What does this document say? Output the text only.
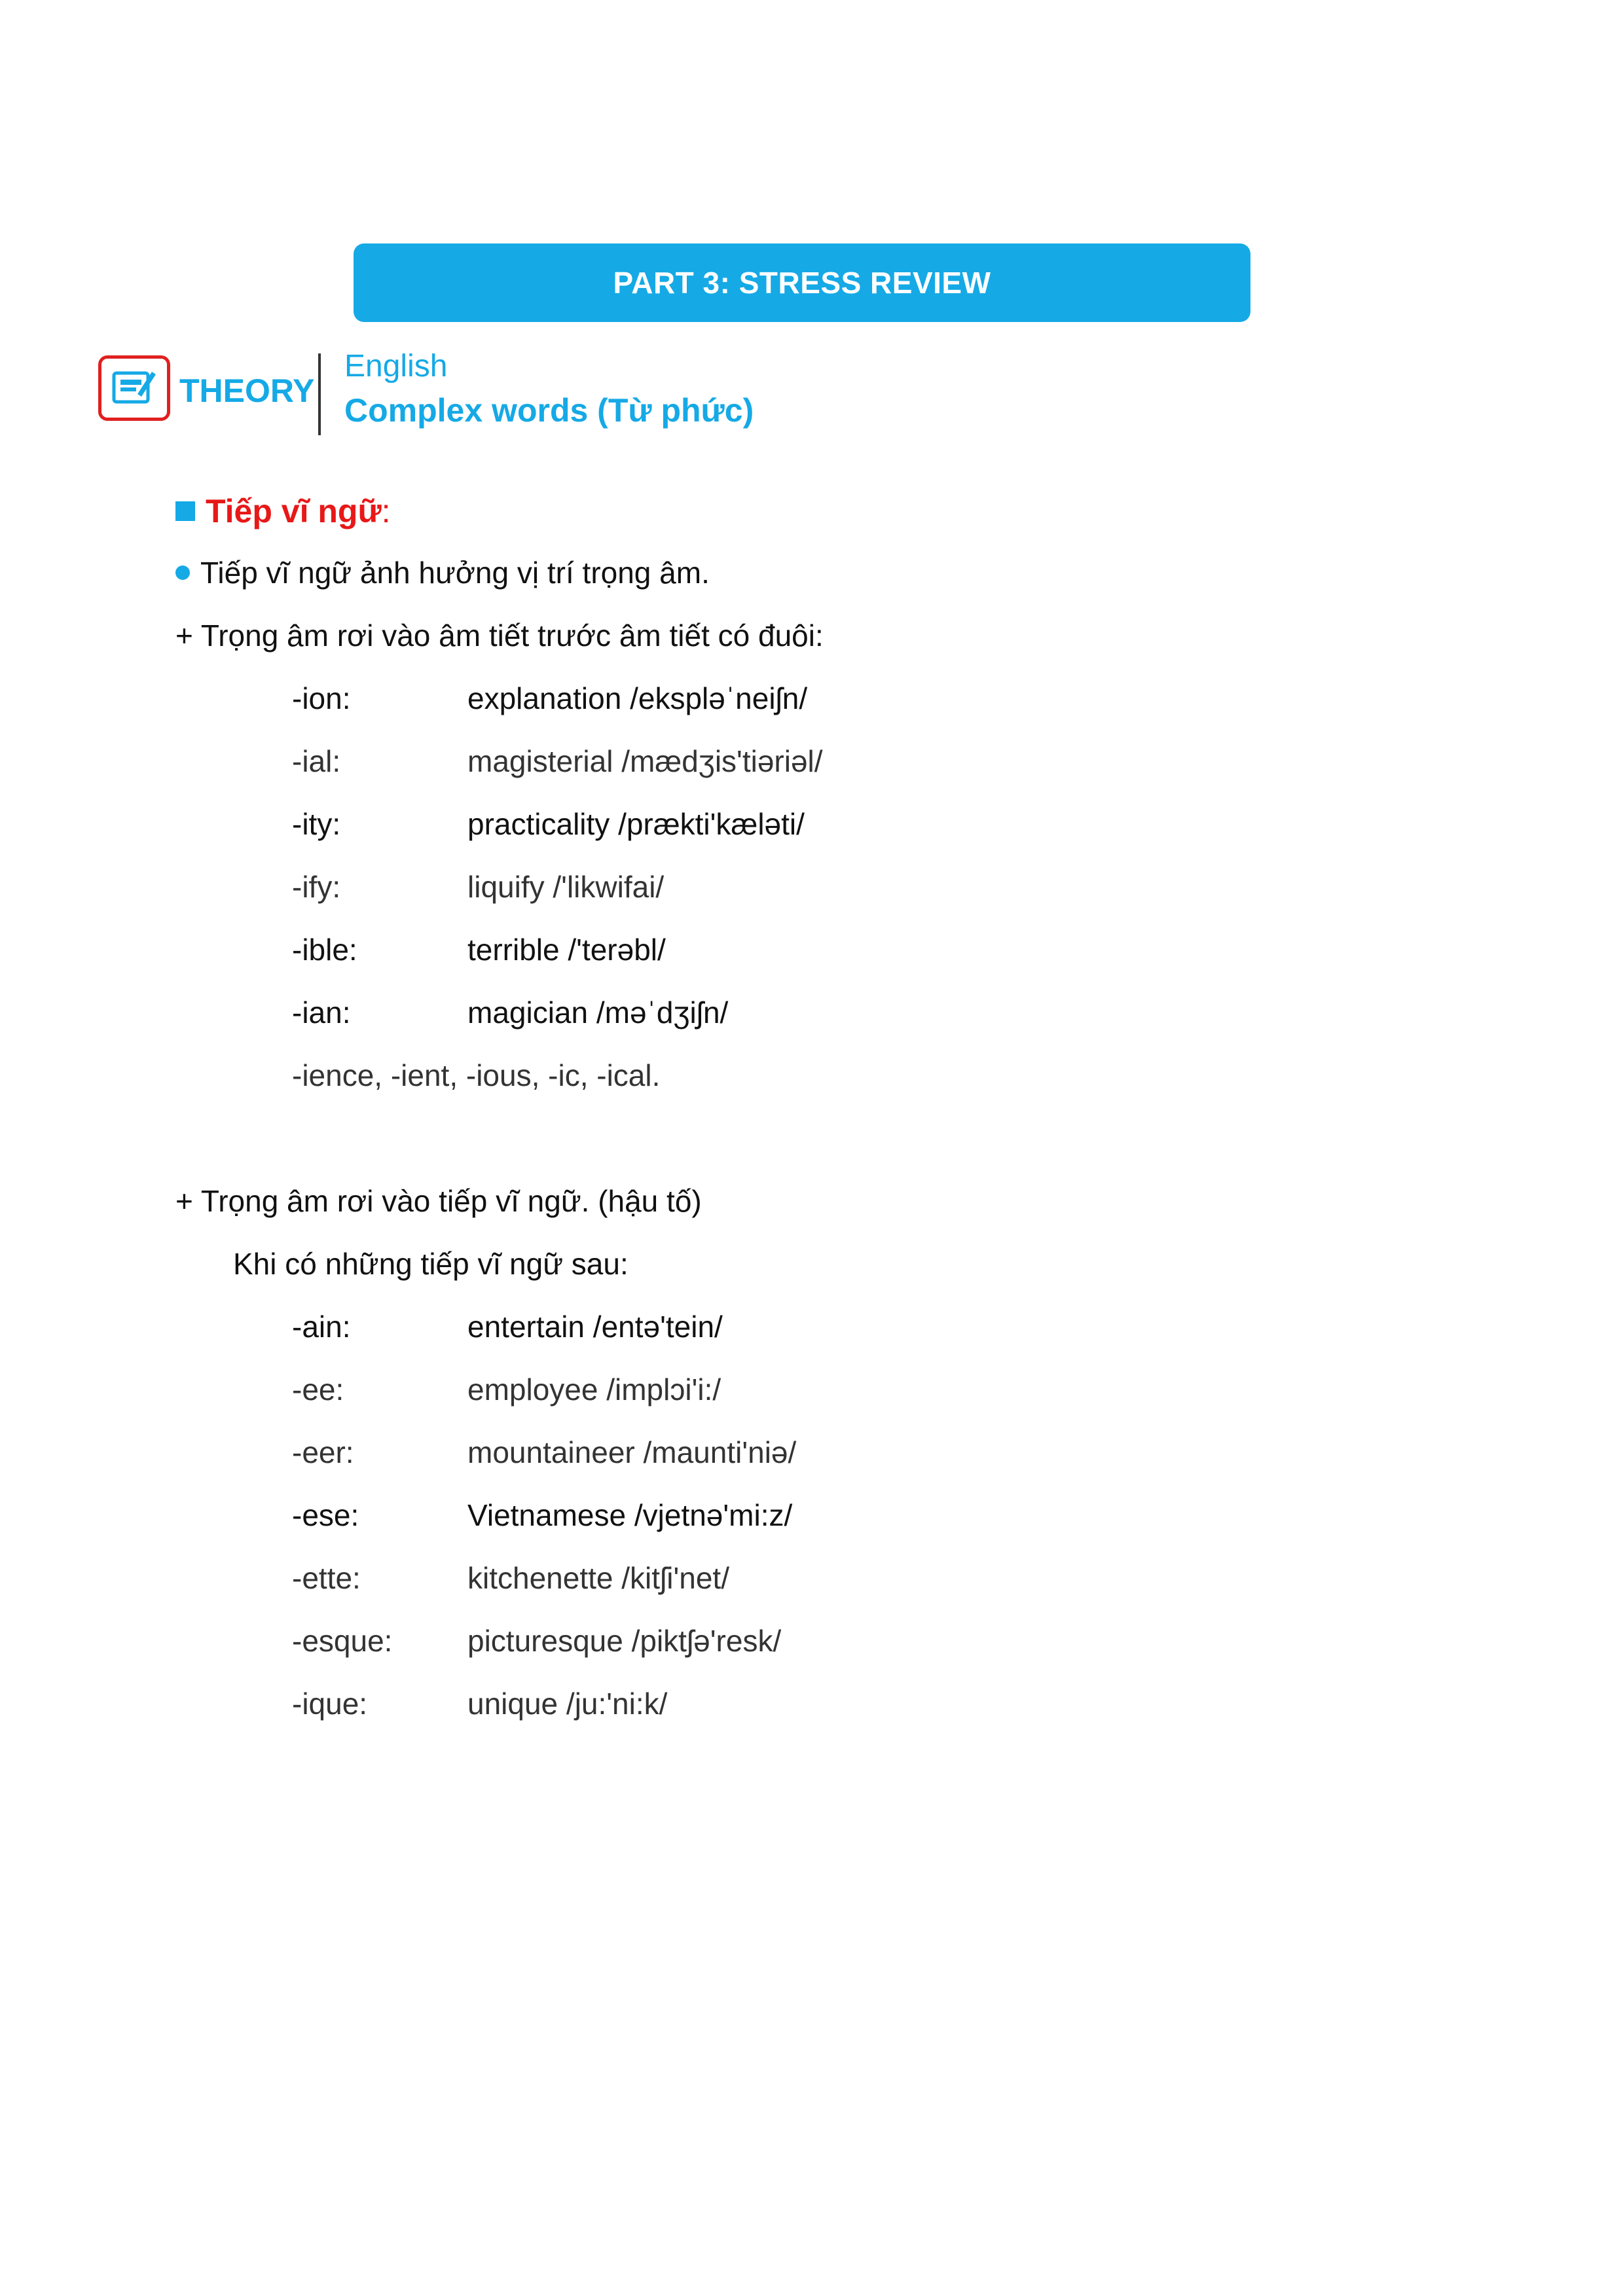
PART 3: STRESS REVIEW
THEORY
English
Complex words (Từ phức)
Tiếp vĩ ngữ :
Tiếp vĩ ngữ ảnh hưởng vị trí trọng âm.
+ Trọng âm rơi vào âm tiết trước âm tiết có đuôi:
-ion:	explanation /ekspləˈneiʃn/
-ial:	magisterial /mædʒis'tiəriəl/
-ity:	practicality /prækti'kæləti/
-ify:	liquify /'likwifai/
-ible:	terrible /'terəbl/
-ian:	magician /məˈdʒiʃn/
-ience, -ient, -ious, -ic, -ical.
+ Trọng âm rơi vào tiếp vĩ ngữ. (hậu tố)
Khi có những tiếp vĩ ngữ sau:
-ain:	entertain /entə'tein/
-ee:	employee /implɔi'i:/
-eer:	mountaineer /maunti'niə/
-ese:	Vietnamese /vjetnə'mi:z/
-ette:	kitchenette /kitʃi'net/
-esque: picturesque /piktʃə'resk/
-ique:	unique /ju:'ni:k/
